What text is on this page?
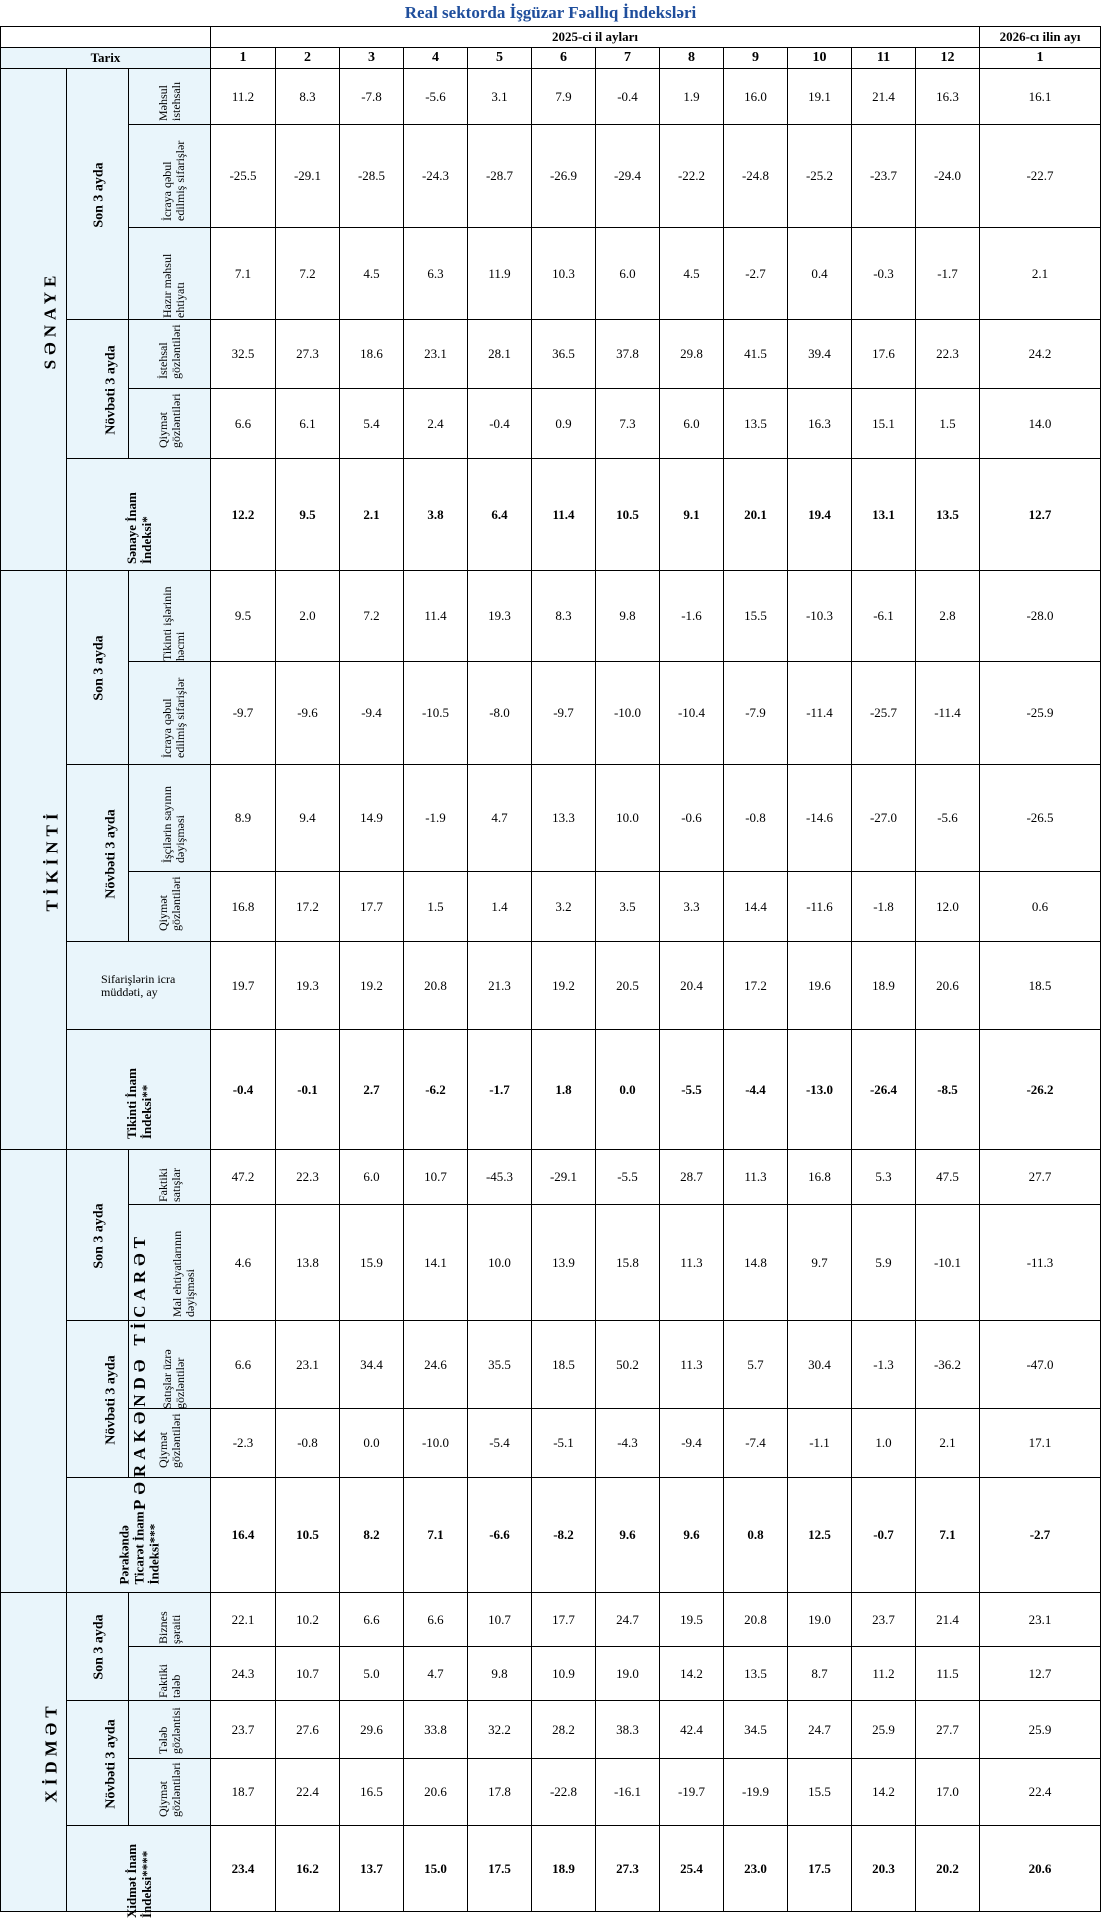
Real sektorda İşgüzar Fəallıq İndeksləri															
			2025-ci il ayları												2026-cı ilin ayı
Tarix			1	2	3	4	5	6	7	8	9	10	11	12	1
SƏNAYE	Son 3 ayda	Məhsul istehsalı	11.2	8.3	-7.8	-5.6	3.1	7.9	-0.4	1.9	16.0	19.1	21.4	16.3	16.1
		İcraya qəbul edilmiş sifarişlər	-25.5	-29.1	-28.5	-24.3	-28.7	-26.9	-29.4	-22.2	-24.8	-25.2	-23.7	-24.0	-22.7
		Hazır məhsul ehtiyatı	7.1	7.2	4.5	6.3	11.9	10.3	6.0	4.5	-2.7	0.4	-0.3	-1.7	2.1
	Növbəti 3 ayda	İstehsal gözləntiləri	32.5	27.3	18.6	23.1	28.1	36.5	37.8	29.8	41.5	39.4	17.6	22.3	24.2
		Qiymət gözləntiləri	6.6	6.1	5.4	2.4	-0.4	0.9	7.3	6.0	13.5	16.3	15.1	1.5	14.0
	Sənaye İnam İndeksi*		12.2	9.5	2.1	3.8	6.4	11.4	10.5	9.1	20.1	19.4	13.1	13.5	12.7
TİKİNTİ	Son 3 ayda	Tikinti işlərinin həcmi	9.5	2.0	7.2	11.4	19.3	8.3	9.8	-1.6	15.5	-10.3	-6.1	2.8	-28.0
		İcraya qəbul edilmiş sifarişlər	-9.7	-9.6	-9.4	-10.5	-8.0	-9.7	-10.0	-10.4	-7.9	-11.4	-25.7	-11.4	-25.9
	Növbəti 3 ayda	İşçilərin sayının dəyişməsi	8.9	9.4	14.9	-1.9	4.7	13.3	10.0	-0.6	-0.8	-14.6	-27.0	-5.6	-26.5
		Qiymət gözləntiləri	16.8	17.2	17.7	1.5	1.4	3.2	3.5	3.3	14.4	-11.6	-1.8	12.0	0.6
	Sifarişlərin icra müddəti, ay		19.7	19.3	19.2	20.8	21.3	19.2	20.5	20.4	17.2	19.6	18.9	20.6	18.5
	Tikinti İnam İndeksi**		-0.4	-0.1	2.7	-6.2	-1.7	1.8	0.0	-5.5	-4.4	-13.0	-26.4	-8.5	-26.2
PƏRAKƏNDƏ TİCARƏT	Son 3 ayda	Faktiki satışlar	47.2	22.3	6.0	10.7	-45.3	-29.1	-5.5	28.7	11.3	16.8	5.3	47.5	27.7
		Mal ehtiyatlarının dəyişməsi	4.6	13.8	15.9	14.1	10.0	13.9	15.8	11.3	14.8	9.7	5.9	-10.1	-11.3
	Növbəti 3 ayda	Satışlar üzrə gözləntilər	6.6	23.1	34.4	24.6	35.5	18.5	50.2	11.3	5.7	30.4	-1.3	-36.2	-47.0
		Qiymət gözləntiləri	-2.3	-0.8	0.0	-10.0	-5.4	-5.1	-4.3	-9.4	-7.4	-1.1	1.0	2.1	17.1
	Pərakəndə Ticarət İnam İndeksi***		16.4	10.5	8.2	7.1	-6.6	-8.2	9.6	9.6	0.8	12.5	-0.7	7.1	-2.7
XİDMƏT	Son 3 ayda	Biznes şəraiti	22.1	10.2	6.6	6.6	10.7	17.7	24.7	19.5	20.8	19.0	23.7	21.4	23.1
		Faktiki tələb	24.3	10.7	5.0	4.7	9.8	10.9	19.0	14.2	13.5	8.7	11.2	11.5	12.7
	Növbəti 3 ayda	Tələb gözləntisi	23.7	27.6	29.6	33.8	32.2	28.2	38.3	42.4	34.5	24.7	25.9	27.7	25.9
		Qiymət gözləntiləri	18.7	22.4	16.5	20.6	17.8	-22.8	-16.1	-19.7	-19.9	15.5	14.2	17.0	22.4
	Xidmət İnam İndeksi****		23.4	16.2	13.7	15.0	17.5	18.9	27.3	25.4	23.0	17.5	20.3	20.2	20.6
